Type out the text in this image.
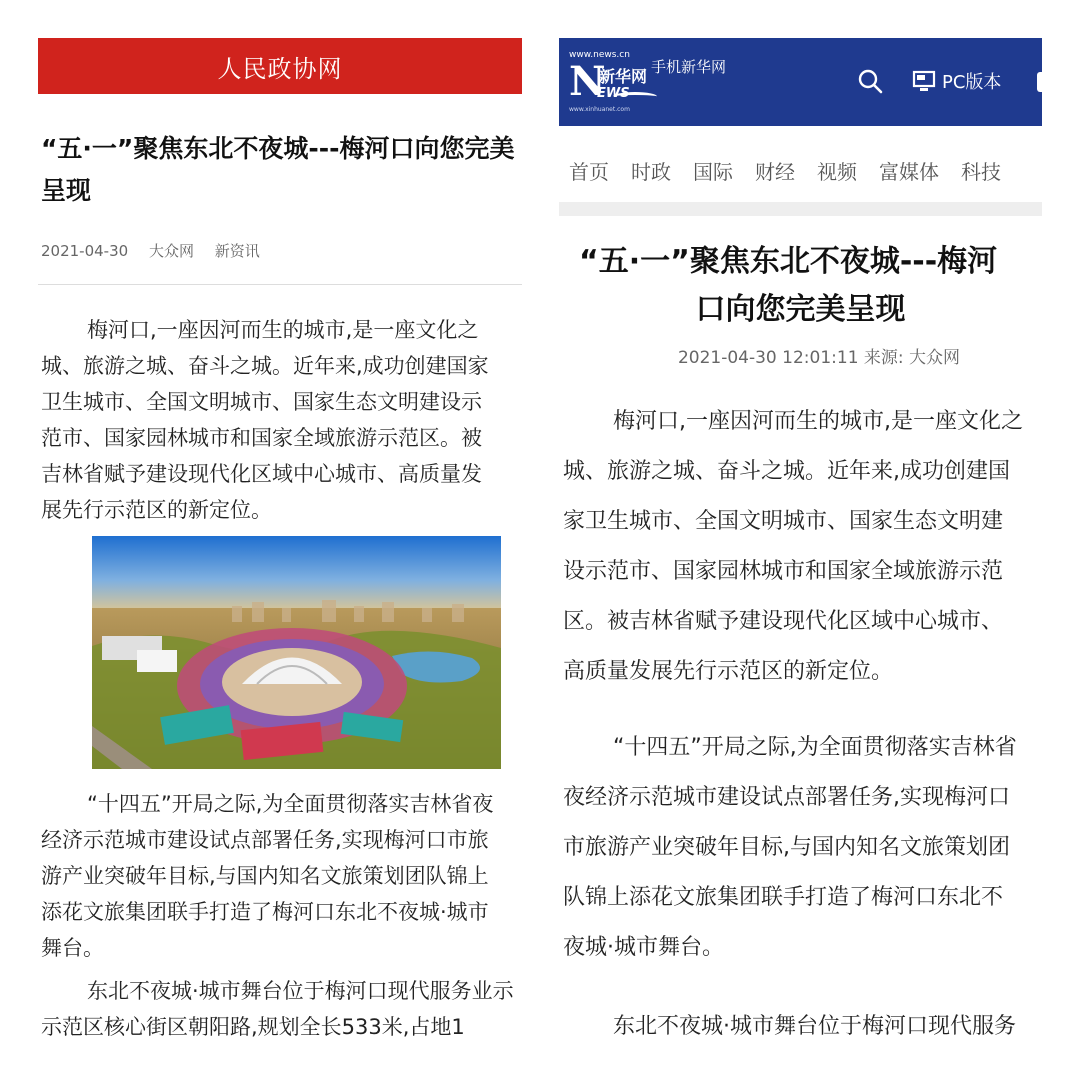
人民政协网
“五·一”聚焦东北不夜城---梅河口向您完美
呈现
2021-04-30 大众网 新资讯

梅河口,一座因河而生的城市,是一座文化之
城、旅游之城、奋斗之城。近年来,成功创建国家
卫生城市、全国文明城市、国家生态文明建设示
范市、国家园林城市和国家全域旅游示范区。被
吉林省赋予建设现代化区域中心城市、高质量发
展先行示范区的新定位。

“十四五”开局之际,为全面贯彻落实吉林省夜
经济示范城市建设试点部署任务,实现梅河口市旅
游产业突破年目标,与国内知名文旅策划团队锦上
添花文旅集团联手打造了梅河口东北不夜城·城市
舞台。

东北不夜城·城市舞台位于梅河口现代服务业示
示范区核心街区朝阳路,规划全长533米,占地1

www.news.cn
N
新华网
EWS
www.xinhuanet.com
手机新华网
PC版本
首页 时政 国际 财经 视频 富媒体 科技
“五·一”聚焦东北不夜城---梅河
口向您完美呈现
2021-04-30 12:01:11 来源: 大众网

梅河口,一座因河而生的城市,是一座文化之
城、旅游之城、奋斗之城。近年来,成功创建国
家卫生城市、全国文明城市、国家生态文明建
设示范市、国家园林城市和国家全域旅游示范
区。被吉林省赋予建设现代化区域中心城市、
高质量发展先行示范区的新定位。

“十四五”开局之际,为全面贯彻落实吉林省
夜经济示范城市建设试点部署任务,实现梅河口
市旅游产业突破年目标,与国内知名文旅策划团
队锦上添花文旅集团联手打造了梅河口东北不
夜城·城市舞台。

东北不夜城·城市舞台位于梅河口现代服务
